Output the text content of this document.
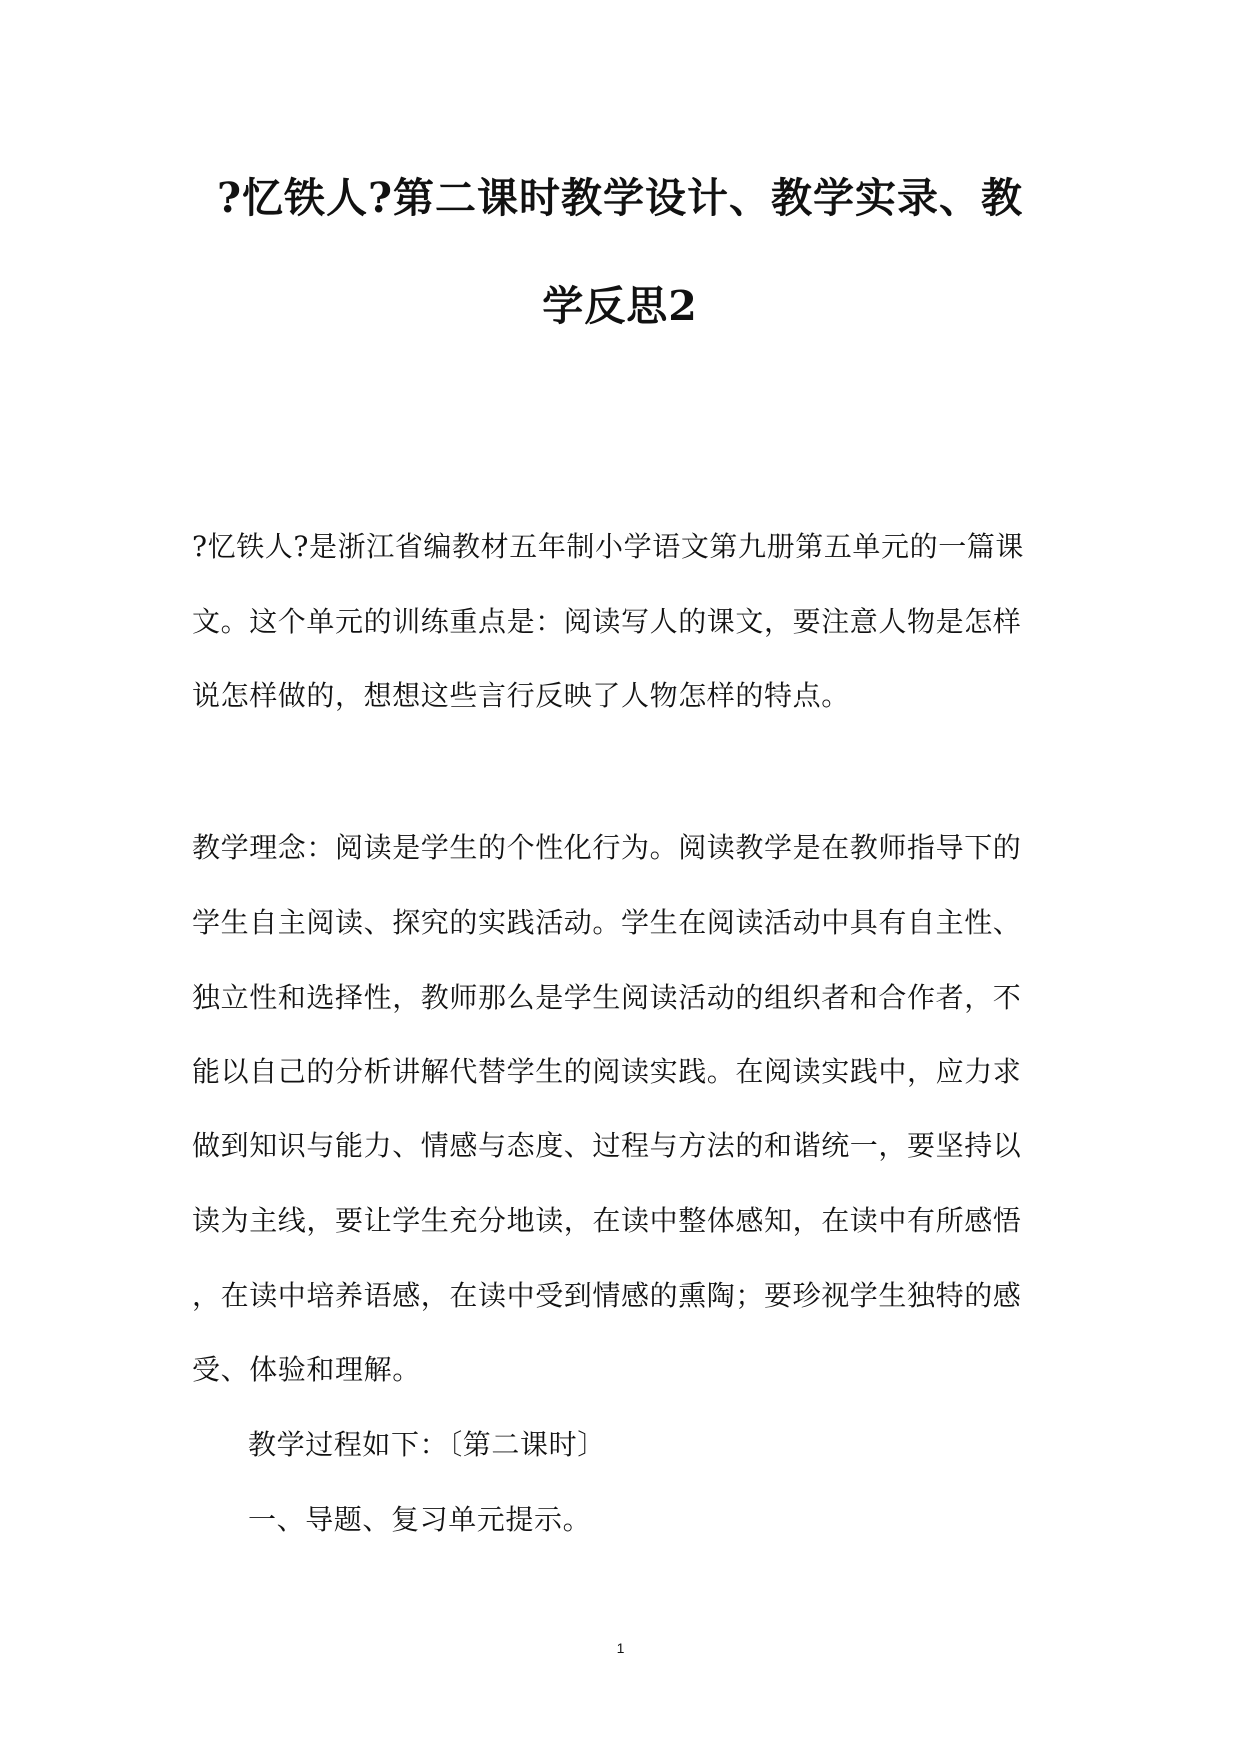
?忆铁人?第二课时教学设计、教学实录、教
学反思2
?忆铁人?是浙江省编教材五年制小学语文第九册第五单元的一篇课
文。这个单元的训练重点是：阅读写人的课文，要注意人物是怎样
说怎样做的，想想这些言行反映了人物怎样的特点。
教学理念：阅读是学生的个性化行为。阅读教学是在教师指导下的
学生自主阅读、探究的实践活动。学生在阅读活动中具有自主性、
独立性和选择性，教师那么是学生阅读活动的组织者和合作者，不
能以自己的分析讲解代替学生的阅读实践。在阅读实践中，应力求
做到知识与能力、情感与态度、过程与方法的和谐统一，要坚持以
读为主线，要让学生充分地读，在读中整体感知，在读中有所感悟
，在读中培养语感，在读中受到情感的熏陶；要珍视学生独特的感
受、体验和理解。
教学过程如下：〔第二课时〕
一、导题、复习单元提示。
1
